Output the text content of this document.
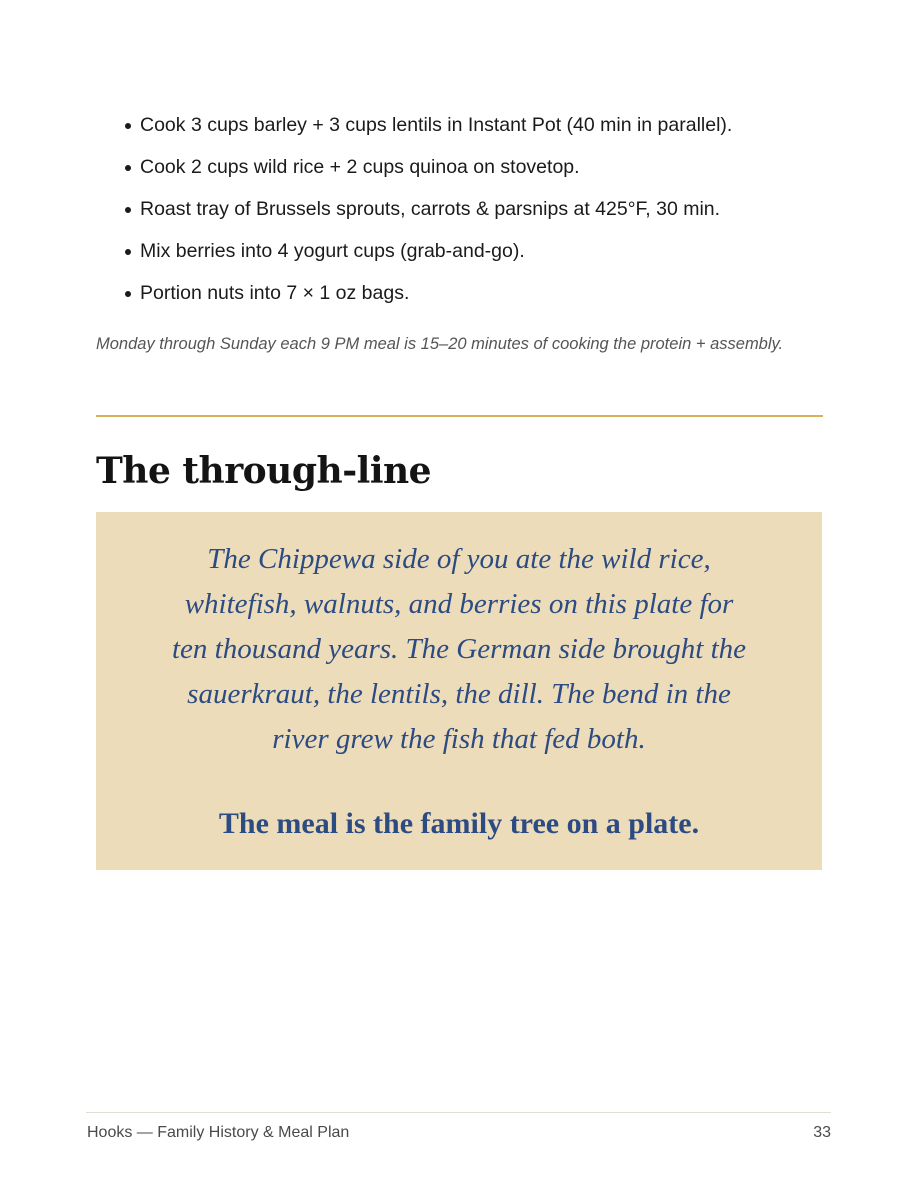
Cook 3 cups barley + 3 cups lentils in Instant Pot (40 min in parallel).
Cook 2 cups wild rice + 2 cups quinoa on stovetop.
Roast tray of Brussels sprouts, carrots & parsnips at 425°F, 30 min.
Mix berries into 4 yogurt cups (grab-and-go).
Portion nuts into 7 × 1 oz bags.

Monday through Sunday each 9 PM meal is 15–20 minutes of cooking the protein + assembly.

The through-line
The Chippewa side of you ate the wild rice,
whitefish, walnuts, and berries on this plate for
ten thousand years. The German side brought the
sauerkraut, the lentils, the dill. The bend in the
river grew the fish that fed both.
The meal is the family tree on a plate.
Hooks — Family History & Meal Plan	33
